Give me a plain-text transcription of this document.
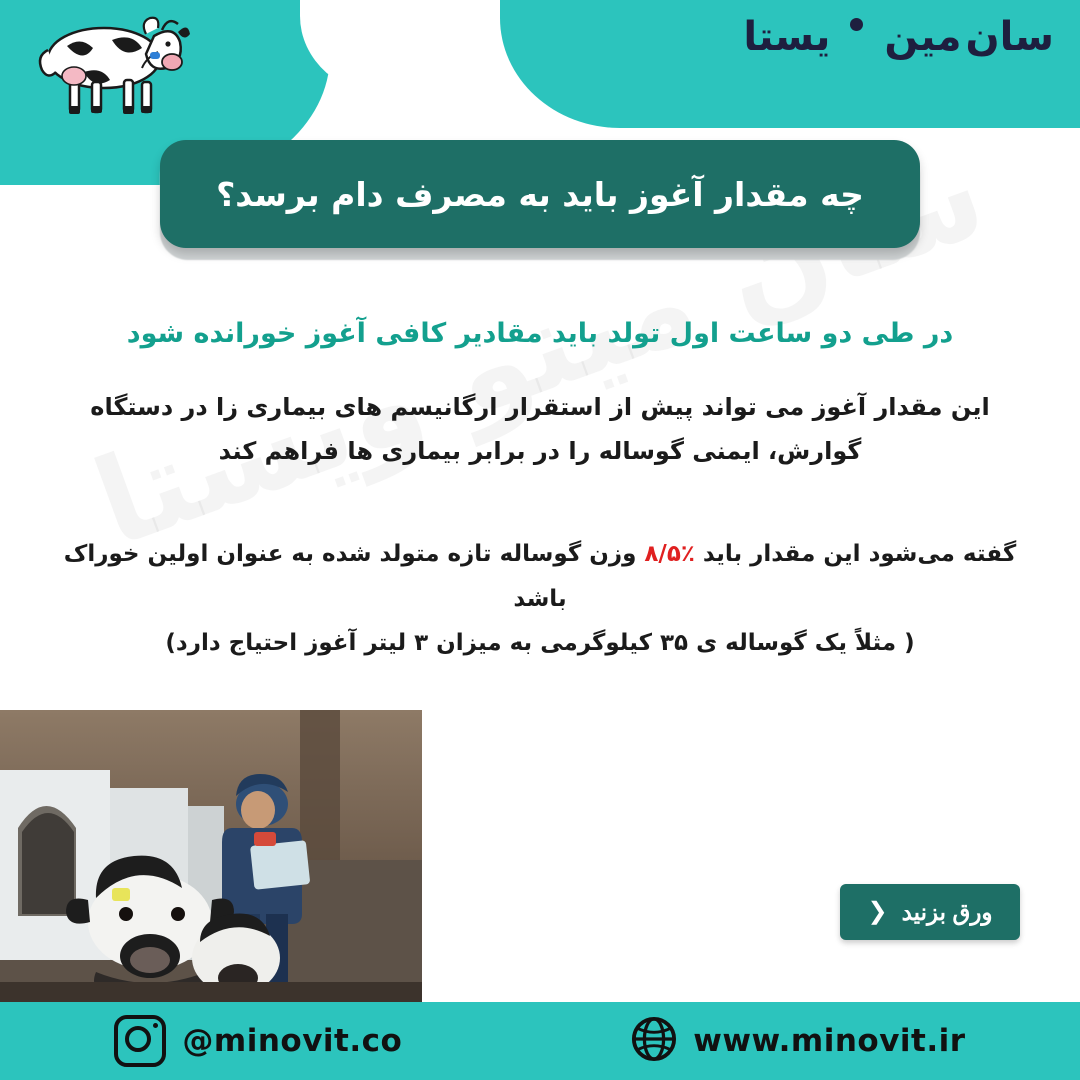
سان
مین
یستا
چه مقدار آغوز باید به مصرف دام برسد؟

در طی دو ساعت اول تولد باید مقادیر کافی آغوز خورانده شود

این مقدار آغوز می تواند پیش از استقرار ارگانیسم های بیماری زا در دستگاه گوارش، ایمنی گوساله را در برابر بیماری ها فراهم کند

گفته می‌شود این مقدار باید ٪۸/۵ وزن گوساله تازه متولد شده به عنوان اولین خوراک باشد

( مثلاً یک گوساله ی ۳۵ کیلوگرمی به میزان ۳ لیتر آغوز احتیاج دارد)

ورق بزنید
❮
@minovit.co	www.minovit.ir
